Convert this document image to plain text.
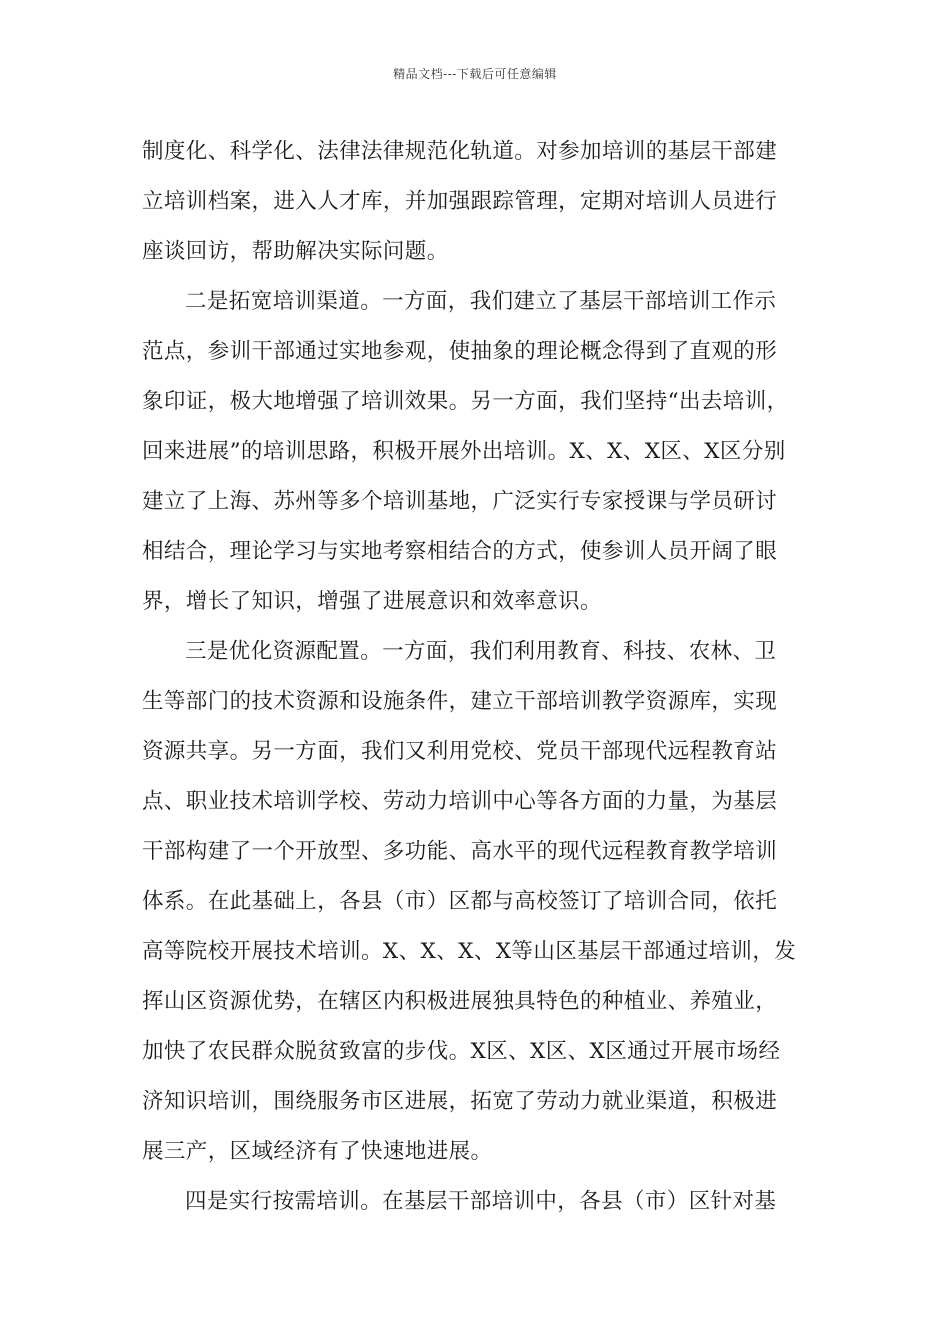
精品文档---下载后可任意编辑
制度化、科学化、法律法律规范化轨道。对参加培训的基层干部建
立培训档案，进入人才库，并加强跟踪管理，定期对培训人员进行
座谈回访，帮助解决实际问题。
二是拓宽培训渠道。一方面，我们建立了基层干部培训工作示
范点，参训干部通过实地参观，使抽象的理论概念得到了直观的形
象印证，极大地增强了培训效果。另一方面，我们坚持“出去培训，
回来进展”的培训思路，积极开展外出培训。X、X、X区、X区分别
建立了上海、苏州等多个培训基地，广泛实行专家授课与学员研讨
相结合，理论学习与实地考察相结合的方式，使参训人员开阔了眼
界，增长了知识，增强了进展意识和效率意识。
三是优化资源配置。一方面，我们利用教育、科技、农林、卫
生等部门的技术资源和设施条件，建立干部培训教学资源库，实现
资源共享。另一方面，我们又利用党校、党员干部现代远程教育站
点、职业技术培训学校、劳动力培训中心等各方面的力量，为基层
干部构建了一个开放型、多功能、高水平的现代远程教育教学培训
体系。在此基础上，各县（市）区都与高校签订了培训合同，依托
高等院校开展技术培训。X、X、X、X等山区基层干部通过培训，发
挥山区资源优势，在辖区内积极进展独具特色的种植业、养殖业，
加快了农民群众脱贫致富的步伐。X区、X区、X区通过开展市场经
济知识培训，围绕服务市区进展，拓宽了劳动力就业渠道，积极进
展三产，区域经济有了快速地进展。
四是实行按需培训。在基层干部培训中，各县（市）区针对基
